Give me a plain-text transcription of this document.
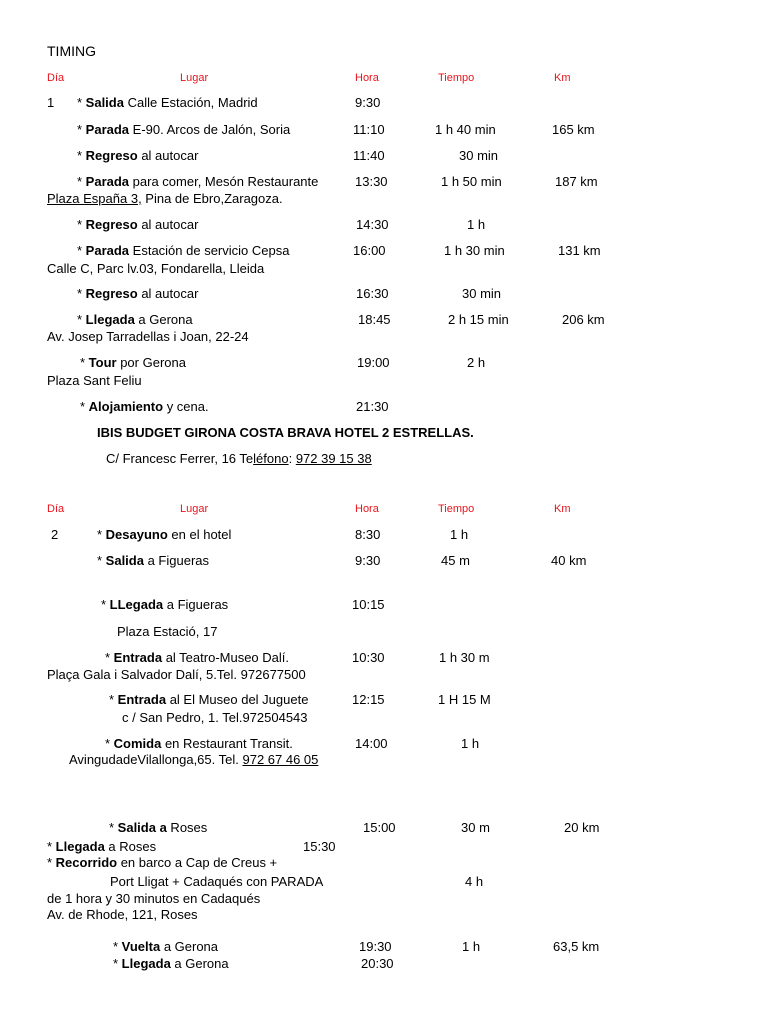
TIMING
Día	Lugar	Hora	Tiempo	Km
1 * Salida Calle Estación, Madrid	9:30
* Parada E-90. Arcos de Jalón, Soria	11:10	1 h 40 min	165 km
* Regreso al autocar	11:40	30 min
* Parada para comer, Mesón Restaurante	13:30	1 h 50 min	187 km
Plaza España 3, Pina de Ebro,Zaragoza.
* Regreso al autocar	14:30	1 h
* Parada Estación de servicio Cepsa	16:00	1 h 30 min	131 km
Calle C, Parc lv.03, Fondarella, Lleida
* Regreso al autocar	16:30	30 min
* Llegada a Gerona	18:45	2 h 15 min	206 km
Av. Josep Tarradellas i Joan, 22-24
* Tour por Gerona	19:00	2 h
Plaza Sant Feliu
* Alojamiento y cena.	21:30
IBIS BUDGET GIRONA COSTA BRAVA HOTEL 2 ESTRELLAS.
C/ Francesc Ferrer, 16 Teléfono: 972 39 15 38
Día	Lugar	Hora	Tiempo	Km
2	* Desayuno en el hotel	8:30	1 h
* Salida a Figueras	9:30	45 m	40 km
* LLegada a Figueras	10:15
Plaza Estació, 17
* Entrada al Teatro-Museo Dalí.	10:30	1 h 30 m
Plaça Gala i Salvador Dalí, 5.Tel. 972677500
* Entrada al El Museo del Juguete	12:15	1 H 15 M
c / San Pedro, 1. Tel.972504543
* Comida en Restaurant Transit.	14:00	1 h
AvingudadeVilallonga,65. Tel. 972 67 46 05
* Salida a Roses	15:00	30 m	20 km
* Llegada a Roses	15:30
* Recorrido en barco a Cap de Creus +
Port Lligat + Cadaqués con PARADA	4 h
de 1 hora y 30 minutos en Cadaqués
Av. de Rhode, 121, Roses
* Vuelta a Gerona	19:30	1 h	63,5 km
* Llegada a Gerona	20:30
